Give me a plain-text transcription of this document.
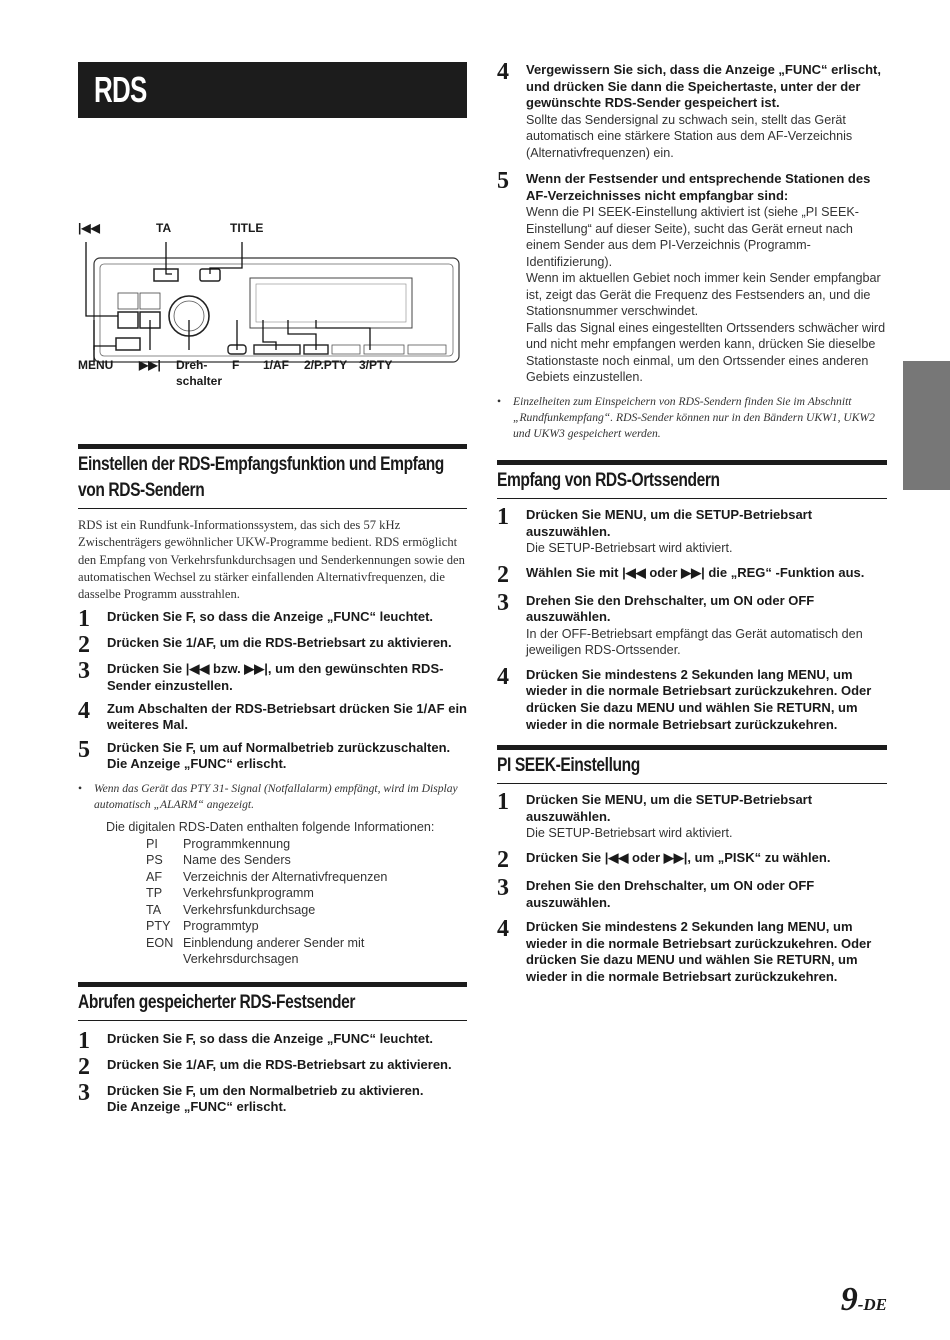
RDS
|◀◀	TA	TITLE
MENU ▶▶| Dreh-
schalter
F 1/AF 2/P.PTY 3/PTY
Einstellen der RDS-Empfangsfunktion und Empfang von RDS-Sendern
RDS ist ein Rundfunk-Informationssystem, das sich des 57 kHz Zwischenträgers gewöhnlicher UKW-Programme bedient. RDS ermöglicht den Empfang von Verkehrsfunkdurchsagen und Senderkennungen sowie den automatischen Wechsel zu stärker einfallenden Alternativfrequenzen, die dasselbe Programm ausstrahlen.
1	Drücken Sie F, so dass die Anzeige „FUNC“ leuchtet.
2	Drücken Sie 1/AF, um die RDS-Betriebsart zu aktivieren.
3	Drücken Sie |◀◀ bzw. ▶▶|, um den gewünschten RDS-Sender einzustellen.
4	Zum Abschalten der RDS-Betriebsart drücken Sie 1/AF ein weiteres Mal.
5	Drücken Sie F, um auf Normalbetrieb zurückzuschalten.
Die Anzeige „FUNC“ erlischt.
• Wenn das Gerät das PTY 31- Signal (Notfallalarm) empfängt, wird im Display automatisch „ALARM“ angezeigt.
Die digitalen RDS-Daten enthalten folgende Informationen:
PI	Programmkennung
PS	Name des Senders
AF	Verzeichnis der Alternativfrequenzen
TP	Verkehrsfunkprogramm
TA	Verkehrsfunkdurchsage
PTY Programmtyp
EON Einblendung anderer Sender mit Verkehrsdurchsagen
Abrufen gespeicherter RDS-Festsender
1	Drücken Sie F, so dass die Anzeige „FUNC“ leuchtet.
2	Drücken Sie 1/AF, um die RDS-Betriebsart zu aktivieren.
3	Drücken Sie F, um den Normalbetrieb zu aktivieren.
Die Anzeige „FUNC“ erlischt.
4	Vergewissern Sie sich, dass die Anzeige „FUNC“ erlischt, und drücken Sie dann die Speichertaste, unter der der gewünschte RDS-Sender gespeichert ist.
Sollte das Sendersignal zu schwach sein, stellt das Gerät automatisch eine stärkere Station aus dem AF-Verzeichnis (Alternativfrequenzen) ein.
5	Wenn der Festsender und entsprechende Stationen des AF-Verzeichnisses nicht empfangbar sind:
Wenn die PI SEEK-Einstellung aktiviert ist (siehe „PI SEEK-Einstellung“ auf dieser Seite), sucht das Gerät erneut nach einem Sender aus dem PI-Verzeichnis (Programm-Identifizierung).
Wenn im aktuellen Gebiet noch immer kein Sender empfangbar ist, zeigt das Gerät die Frequenz des Festsenders an, und die Stationsnummer verschwindet.
Falls das Signal eines eingestellten Ortssenders schwächer wird und nicht mehr empfangen werden kann, drücken Sie dieselbe Stationstaste noch einmal, um den Ortssender eines anderen Gebiets einzustellen.
• Einzelheiten zum Einspeichern von RDS-Sendern finden Sie im Abschnitt „Rundfunkempfang“. RDS-Sender können nur in den Bändern UKW1, UKW2 und UKW3 gespeichert werden.
Empfang von RDS-Ortssendern
1	Drücken Sie MENU, um die SETUP-Betriebsart auszuwählen.
Die SETUP-Betriebsart wird aktiviert.
2	Wählen Sie mit |◀◀ oder ▶▶| die „REG“ -Funktion aus.
3	Drehen Sie den Drehschalter, um ON oder OFF auszuwählen.
In der OFF-Betriebsart empfängt das Gerät automatisch den jeweiligen RDS-Ortssender.
4	Drücken Sie mindestens 2 Sekunden lang MENU, um wieder in die normale Betriebsart zurückzukehren. Oder drücken Sie dazu MENU und wählen Sie RETURN, um wieder in die normale Betriebsart zurückzukehren.
PI SEEK-Einstellung
1	Drücken Sie MENU, um die SETUP-Betriebsart auszuwählen.
Die SETUP-Betriebsart wird aktiviert.
2	Drücken Sie |◀◀ oder ▶▶|, um „PISK“ zu wählen.
3	Drehen Sie den Drehschalter, um ON oder OFF auszuwählen.
4	Drücken Sie mindestens 2 Sekunden lang MENU, um wieder in die normale Betriebsart zurückzukehren. Oder drücken Sie dazu MENU und wählen Sie RETURN, um wieder in die normale Betriebsart zurückzukehren.
9-DE
